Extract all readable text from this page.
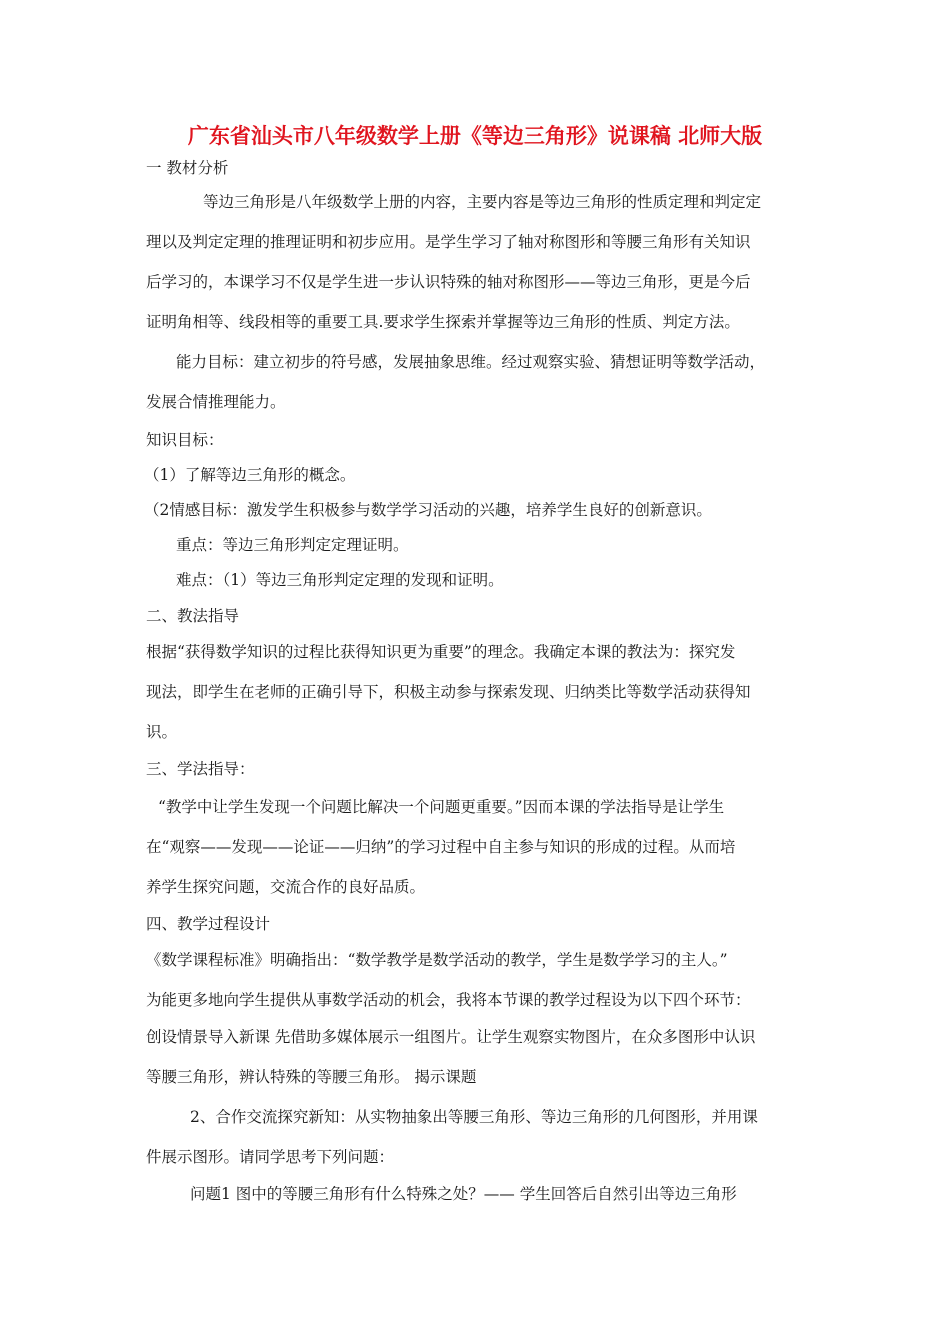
广东省汕头市八年级数学上册《等边三角形》说课稿 北师大版
一 教材分析
等边三角形是八年级数学上册的内容，主要内容是等边三角形的性质定理和判定定
理以及判定定理的推理证明和初步应用。是学生学习了轴对称图形和等腰三角形有关知识
后学习的，本课学习不仅是学生进一步认识特殊的轴对称图形——等边三角形，更是今后
证明角相等、线段相等的重要工具.要求学生探索并掌握等边三角形的性质、判定方法。
能力目标：建立初步的符号感，发展抽象思维。经过观察实验、猜想证明等数学活动，
发展合情推理能力。
知识目标：
（1）了解等边三角形的概念。
（2情感目标：激发学生积极参与数学学习活动的兴趣，培养学生良好的创新意识。
重点：等边三角形判定定理证明。
难点：（1）等边三角形判定定理的发现和证明。
二、教法指导
根据“获得数学知识的过程比获得知识更为重要”的理念。我确定本课的教法为：探究发
现法，即学生在老师的正确引导下，积极主动参与探索发现、归纳类比等数学活动获得知
识。
三、学法指导：
“教学中让学生发现一个问题比解决一个问题更重要。”因而本课的学法指导是让学生
在“观察——发现——论证——归纳”的学习过程中自主参与知识的形成的过程。从而培
养学生探究问题，交流合作的良好品质。
四、教学过程设计
《数学课程标准》明确指出：“数学教学是数学活动的教学，学生是数学学习的主人。”
为能更多地向学生提供从事数学活动的机会，我将本节课的教学过程设为以下四个环节：
创设情景导入新课 先借助多媒体展示一组图片。让学生观察实物图片，在众多图形中认识
等腰三角形，辨认特殊的等腰三角形。 揭示课题
2、合作交流探究新知：从实物抽象出等腰三角形、等边三角形的几何图形，并用课
件展示图形。请同学思考下列问题：
问题1 图中的等腰三角形有什么特殊之处？—— 学生回答后自然引出等边三角形
